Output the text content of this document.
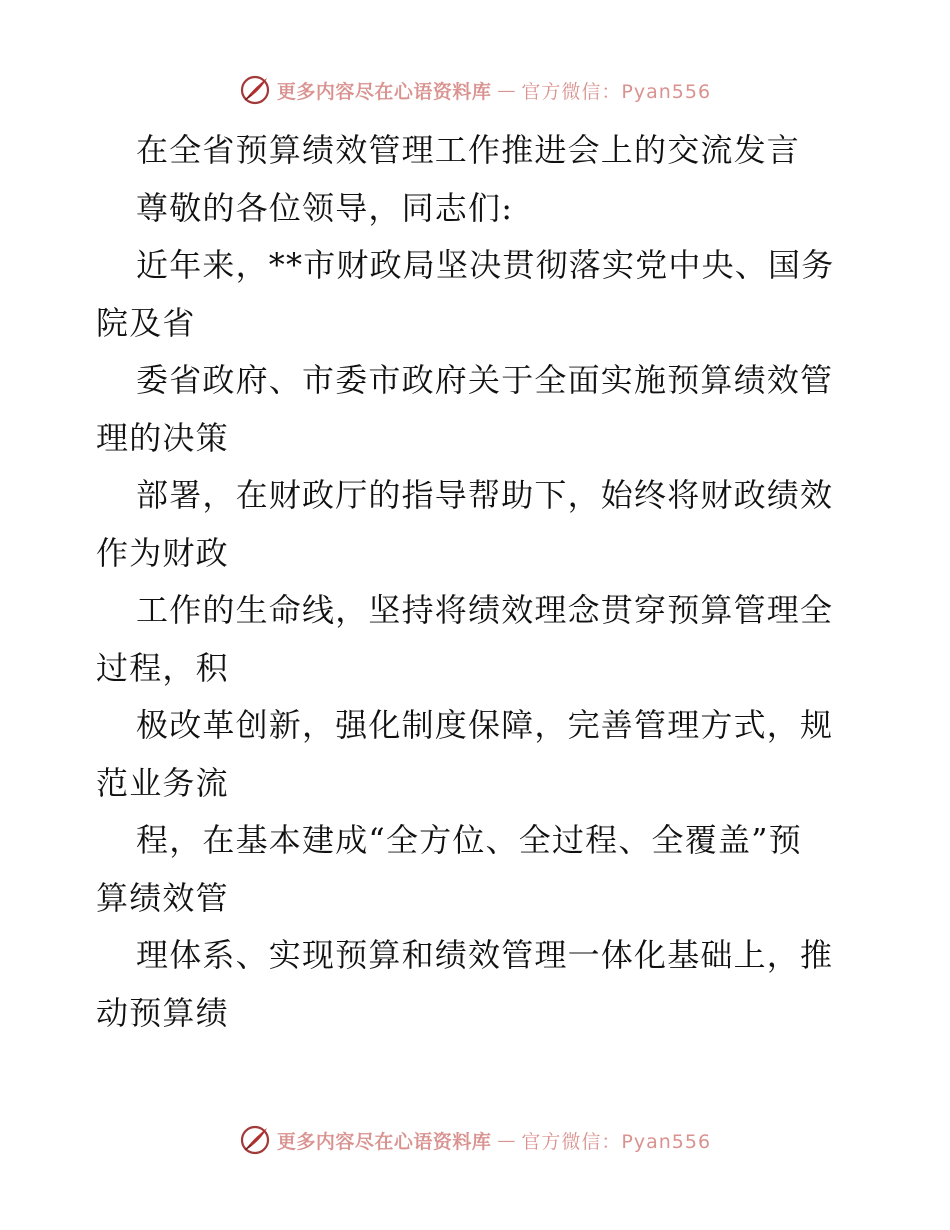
更多内容尽在心语资料库 — 官方微信：Pyan556
在全省预算绩效管理工作推进会上的交流发言
尊敬的各位领导，同志们:
近年来，**市财政局坚决贯彻落实党中央、国务
院及省
委省政府、市委市政府关于全面实施预算绩效管
理的决策
部署，在财政厅的指导帮助下，始终将财政绩效
作为财政
工作的生命线，坚持将绩效理念贯穿预算管理全
过程，积
极改革创新，强化制度保障，完善管理方式，规
范业务流
程，在基本建成“全方位、全过程、全覆盖”预
算绩效管
理体系、实现预算和绩效管理一体化基础上，推
动预算绩
更多内容尽在心语资料库 — 官方微信：Pyan556
